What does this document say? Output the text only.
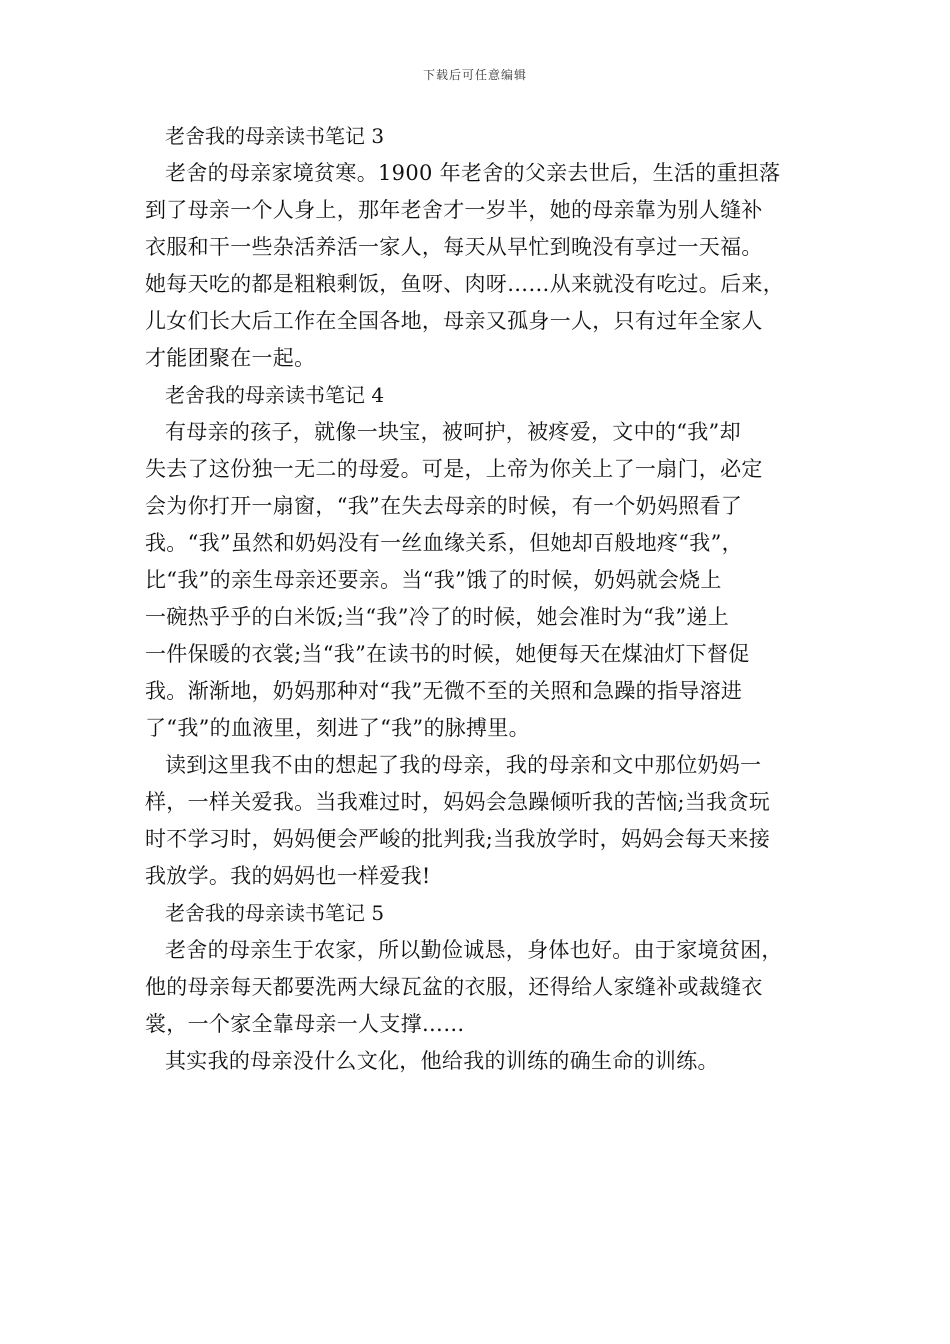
下载后可任意编辑
老舍我的母亲读书笔记 3
老舍的母亲家境贫寒。1900 年老舍的父亲去世后，生活的重担落
到了母亲一个人身上，那年老舍才一岁半，她的母亲靠为别人缝补
衣服和干一些杂活养活一家人，每天从早忙到晚没有享过一天福。
她每天吃的都是粗粮剩饭，鱼呀、肉呀……从来就没有吃过。后来，
儿女们长大后工作在全国各地，母亲又孤身一人，只有过年全家人
才能团聚在一起。
老舍我的母亲读书笔记 4
有母亲的孩子，就像一块宝，被呵护，被疼爱，文中的“我”却
失去了这份独一无二的母爱。可是，上帝为你关上了一扇门，必定
会为你打开一扇窗，“我”在失去母亲的时候，有一个奶妈照看了
我。“我”虽然和奶妈没有一丝血缘关系，但她却百般地疼“我”，
比“我”的亲生母亲还要亲。当“我”饿了的时候，奶妈就会烧上
一碗热乎乎的白米饭;当“我”冷了的时候，她会准时为“我”递上
一件保暖的衣裳;当“我”在读书的时候，她便每天在煤油灯下督促
我。渐渐地，奶妈那种对“我”无微不至的关照和急躁的指导溶进
了“我”的血液里，刻进了“我”的脉搏里。
读到这里我不由的想起了我的母亲，我的母亲和文中那位奶妈一
样，一样关爱我。当我难过时，妈妈会急躁倾听我的苦恼;当我贪玩
时不学习时，妈妈便会严峻的批判我;当我放学时，妈妈会每天来接
我放学。我的妈妈也一样爱我!
老舍我的母亲读书笔记 5
老舍的母亲生于农家，所以勤俭诚恳，身体也好。由于家境贫困，
他的母亲每天都要洗两大绿瓦盆的衣服，还得给人家缝补或裁缝衣
裳，一个家全靠母亲一人支撑……
其实我的母亲没什么文化，他给我的训练的确生命的训练。
